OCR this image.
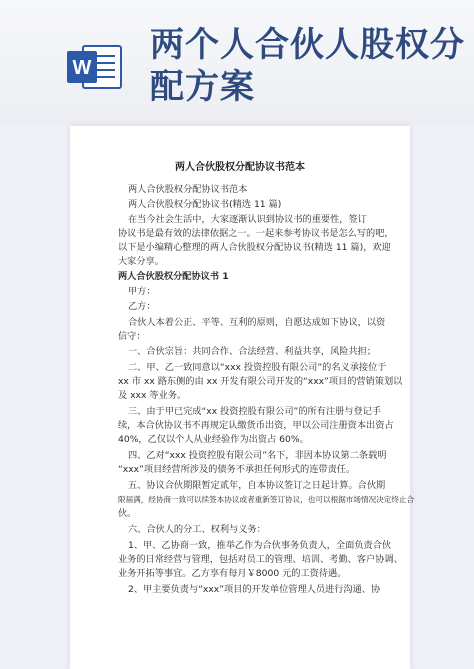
W
两个人合伙人股权分配方案

两人合伙股权分配协议书范本

两人合伙股权分配协议书范本
两人合伙股权分配协议书(精选 11 篇)
在当今社会生活中，大家逐渐认识到协议书的重要性，签订
协议书是最有效的法律依据之一。一起来参考协议书是怎么写的吧，
以下是小编精心整理的两人合伙股权分配协议书(精选 11 篇)，欢迎
大家分享。
两人合伙股权分配协议书 1
甲方：
乙方：
合伙人本着公正、平等、互利的原则，自愿达成如下协议，以资
信守：
一、合伙宗旨：共同合作、合法经营、利益共享，风险共担；
二、甲、乙一致同意以“xxx 投资控股有限公司”的名义承接位于
xx 市 xx 路东侧的由 xx 开发有限公司开发的“xxx”项目的营销策划以
及 xxx 等业务。
三、由于甲已完成“xx 投资控股有限公司”的所有注册与登记手
续，本合伙协议书不再规定认缴货币出资，甲以公司注册资本出资占
40%，乙仅以个人从业经验作为出资占 60%。
四、乙对“xxx 投资控股有限公司”名下，非因本协议第二条载明
“xxx”项目经营所涉及的债务不承担任何形式的连带责任。
五、协议合伙期限暂定贰年，自本协议签订之日起计算。合伙期
限届满，经协商一致可以续签本协议或者重新签订协议，也可以根据市场情况决定终止合
伙。
六、合伙人的分工、权利与义务：
1、甲、乙协商一致，推举乙作为合伙事务负责人，全面负责合伙
业务的日常经营与管理，包括对员工的管理、培训、考勤、客户协调、
业务开拓等事宜。乙方享有每月￥8000 元的工资待遇。
2、甲主要负责与“xxx”项目的开发单位管理人员进行沟通、协
